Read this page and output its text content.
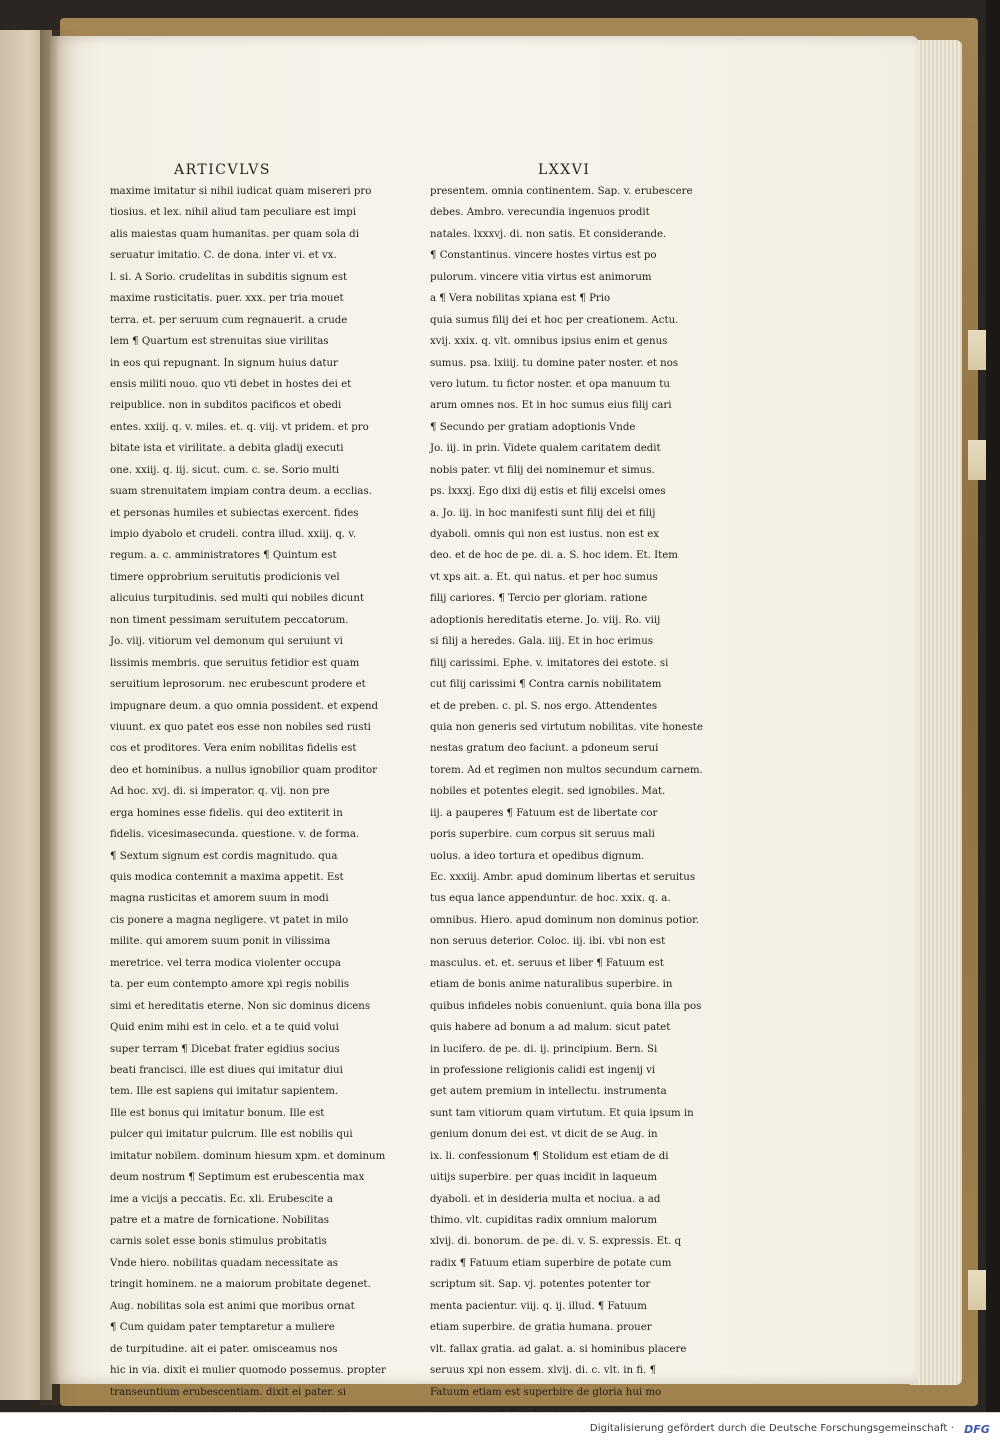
ARTICVLVS	LXXVI
maxime imitatur si nihil iudicat quam misereri pro
tiosius. et lex. nihil aliud tam peculiare est impi
alis maiestas quam humanitas. per quam sola di
seruatur imitatio. C. de dona. inter vi. et vx.
l. si. A Sorio. crudelitas in subditis signum est
maxime rusticitatis. puer. xxx. per tria mouet
terra. et. per seruum cum regnauerit. a crude
lem ¶ Quartum est strenuitas siue virilitas
in eos qui repugnant. In signum huius datur
ensis militi nouo. quo vti debet in hostes dei et
reipublice. non in subditos pacificos et obedi
entes. xxiij. q. v. miles. et. q. viij. vt pridem. et pro
bitate ista et virilitate. a debita gladij executi
one. xxiij. q. iij. sicut. cum. c. se. Sorio multi
suam strenuitatem impiam contra deum. a ecclias.
et personas humiles et subiectas exercent. fides
impio dyabolo et crudeli. contra illud. xxiij. q. v.
regum. a. c. amministratores ¶ Quintum est
timere opprobrium seruitutis prodicionis vel
alicuius turpitudinis. sed multi qui nobiles dicunt
non timent pessimam seruitutem peccatorum.
Jo. viij. vitiorum vel demonum qui seruiunt vi
lissimis membris. que seruitus fetidior est quam
seruitium leprosorum. nec erubescunt prodere et
impugnare deum. a quo omnia possident. et expend
viuunt. ex quo patet eos esse non nobiles sed rusti
cos et proditores. Vera enim nobilitas fidelis est
deo et hominibus. a nullus ignobilior quam proditor
Ad hoc. xvj. di. si imperator. q. vij. non pre
erga homines esse fidelis. qui deo extiterit in
fidelis. vicesimasecunda. questione. v. de forma.
¶ Sextum signum est cordis magnitudo. qua
quis modica contemnit a maxima appetit. Est
magna rusticitas et amorem suum in modi
cis ponere a magna negligere. vt patet in milo
milite. qui amorem suum ponit in vilissima
meretrice. vel terra modica violenter occupa
ta. per eum contempto amore xpi regis nobilis
simi et hereditatis eterne. Non sic dominus dicens
Quid enim mihi est in celo. et a te quid volui
super terram ¶ Dicebat frater egidius socius
beati francisci. ille est diues qui imitatur diui
tem. Ille est sapiens qui imitatur sapientem.
Ille est bonus qui imitatur bonum. Ille est
pulcer qui imitatur pulcrum. Ille est nobilis qui
imitatur nobilem. dominum hiesum xpm. et dominum
deum nostrum ¶ Septimum est erubescentia max
ime a vicijs a peccatis. Ec. xli. Erubescite a
patre et a matre de fornicatione. Nobilitas
carnis solet esse bonis stimulus probitatis
Vnde hiero. nobilitas quadam necessitate as
tringit hominem. ne a maiorum probitate degenet.
Aug. nobilitas sola est animi que moribus ornat
¶ Cum quidam pater temptaretur a muliere
de turpitudine. ait ei pater. omisceamus nos
hic in via. dixit ei mulier quomodo possemus. propter
transeuntium erubescentiam. dixit ei pater. si
presentem. omnia continentem. Sap. v. erubescere
debes. Ambro. verecundia ingenuos prodit
natales. lxxxvj. di. non satis. Et considerande.
¶ Constantinus. vincere hostes virtus est po
pulorum. vincere vitia virtus est animorum
a ¶ Vera nobilitas xpiana est ¶ Prio
quia sumus filij dei et hoc per creationem. Actu.
xvij. xxix. q. vlt. omnibus ipsius enim et genus
sumus. psa. lxiiij. tu domine pater noster. et nos
vero lutum. tu fictor noster. et opa manuum tu
arum omnes nos. Et in hoc sumus eius filij cari
¶ Secundo per gratiam adoptionis Vnde
Jo. iij. in prin. Videte qualem caritatem dedit
nobis pater. vt filij dei nominemur et simus.
ps. lxxxj. Ego dixi dij estis et filij excelsi omes
a. Jo. iij. in hoc manifesti sunt filij dei et filij
dyaboli. omnis qui non est iustus. non est ex
deo. et de hoc de pe. di. a. S. hoc idem. Et. Item
vt xps ait. a. Et. qui natus. et per hoc sumus
filij cariores. ¶ Tercio per gloriam. ratione
adoptionis hereditatis eterne. Jo. viij. Ro. viij
si filij a heredes. Gala. iiij. Et in hoc erimus
filij carissimi. Ephe. v. imitatores dei estote. si
cut filij carissimi ¶ Contra carnis nobilitatem
et de preben. c. pl. S. nos ergo. Attendentes
quia non generis sed virtutum nobilitas. vite honeste
nestas gratum deo faciunt. a pdoneum serui
torem. Ad et regimen non multos secundum carnem.
nobiles et potentes elegit. sed ignobiles. Mat.
iij. a pauperes ¶ Fatuum est de libertate cor
poris superbire. cum corpus sit seruus mali
uolus. a ideo tortura et opedibus dignum.
Ec. xxxiij. Ambr. apud dominum libertas et seruitus
tus equa lance appenduntur. de hoc. xxix. q. a.
omnibus. Hiero. apud dominum non dominus potior.
non seruus deterior. Coloc. iij. ibi. vbi non est
masculus. et. et. seruus et liber ¶ Fatuum est
etiam de bonis anime naturalibus superbire. in
quibus infideles nobis conueniunt. quia bona illa pos
quis habere ad bonum a ad malum. sicut patet
in lucifero. de pe. di. ij. principium. Bern. Si
in professione religionis calidi est ingenij vi
get autem premium in intellectu. instrumenta
sunt tam vitiorum quam virtutum. Et quia ipsum in
genium donum dei est. vt dicit de se Aug. in
ix. li. confessionum ¶ Stolidum est etiam de di
uitijs superbire. per quas incidit in laqueum
dyaboli. et in desideria multa et nociua. a ad
thimo. vlt. cupiditas radix omnium malorum
xlvij. di. bonorum. de pe. di. v. S. expressis. Et. q
radix ¶ Fatuum etiam superbire de potate cum
scriptum sit. Sap. vj. potentes potenter tor
menta pacientur. viij. q. ij. illud. ¶ Fatuum
etiam superbire. de gratia humana. prouer
vlt. fallax gratia. ad galat. a. si hominibus placere
seruus xpi non essem. xlvij. di. c. vlt. in fi. ¶
Fatuum etiam est superbire de gloria hui mo
Digitalisierung gefördert durch die Deutsche Forschungsgemeinschaft · DFG
